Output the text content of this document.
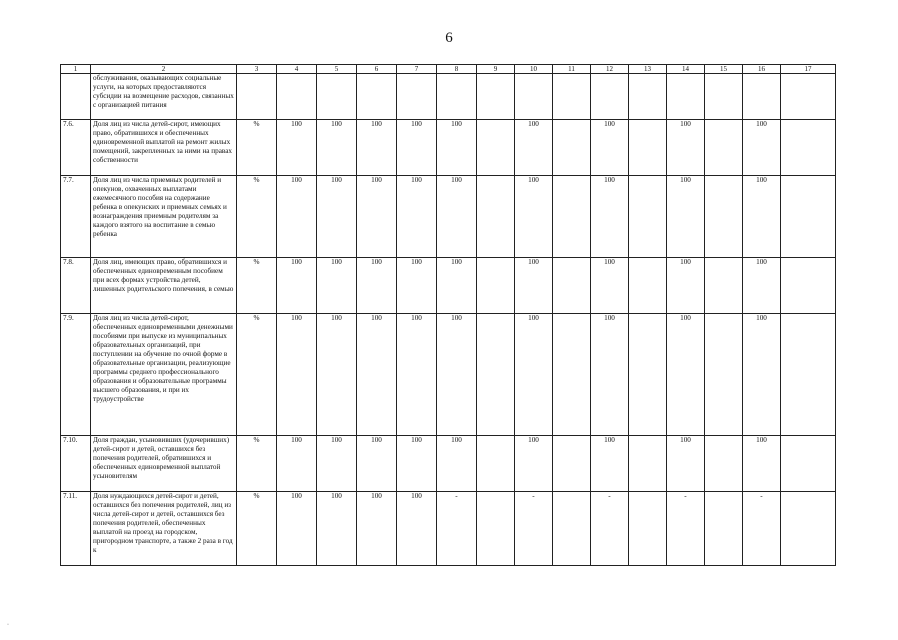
6
1	2	3	4	5	6	7	8	9	10	11	12	13	14	15	16	17
	обслуживания, оказывающих социальные услуги, на которых предоставляются субсидии на возмещение расходов, связанных с организацией питания															
7.6.	Доля лиц из числа детей-сирот, имеющих право, обратившихся и обеспеченных единовременной выплатой на ремонт жилых помещений, закрепленных за ними на правах собственности	%	100	100	100	100	100		100		100		100		100	
7.7.	Доля лиц из числа приемных родителей и опекунов, охваченных выплатами ежемесячного пособия на содержание ребенка в опекунских и приемных семьях и вознаграждения приемным родителям за каждого взятого на воспитание в семью ребенка	%	100	100	100	100	100		100		100		100		100	
7.8.	Доля лиц, имеющих право, обратившихся и обеспеченных единовременным пособием при всех формах устройства детей, лишенных родительского попечения, в семью	%	100	100	100	100	100		100		100		100		100	
7.9.	Доля лиц из числа детей-сирот, обеспеченных единовременными денежными пособиями при выпуске из муниципальных образовательных организаций, при поступлении на обучение по очной форме в образовательные организации, реализующие программы среднего профессионального образования и образовательные программы высшего образования, и при их трудоустройстве	%	100	100	100	100	100		100		100		100		100	
7.10.	Доля граждан, усыновивших (удочеривших) детей-сирот и детей, оставшихся без попечения родителей, обратившихся и обеспеченных единовременной выплатой усыновителям	%	100	100	100	100	100		100		100		100		100	
7.11.	Доля нуждающихся детей-сирот и детей, оставшихся без попечения родителей, лиц из числа детей-сирот и детей, оставшихся без попечения родителей, обеспеченных выплатой на проезд на городском, пригородном транспорте, а также 2 раза в год к	%	100	100	100	100	-		-		-		-		-	
·
